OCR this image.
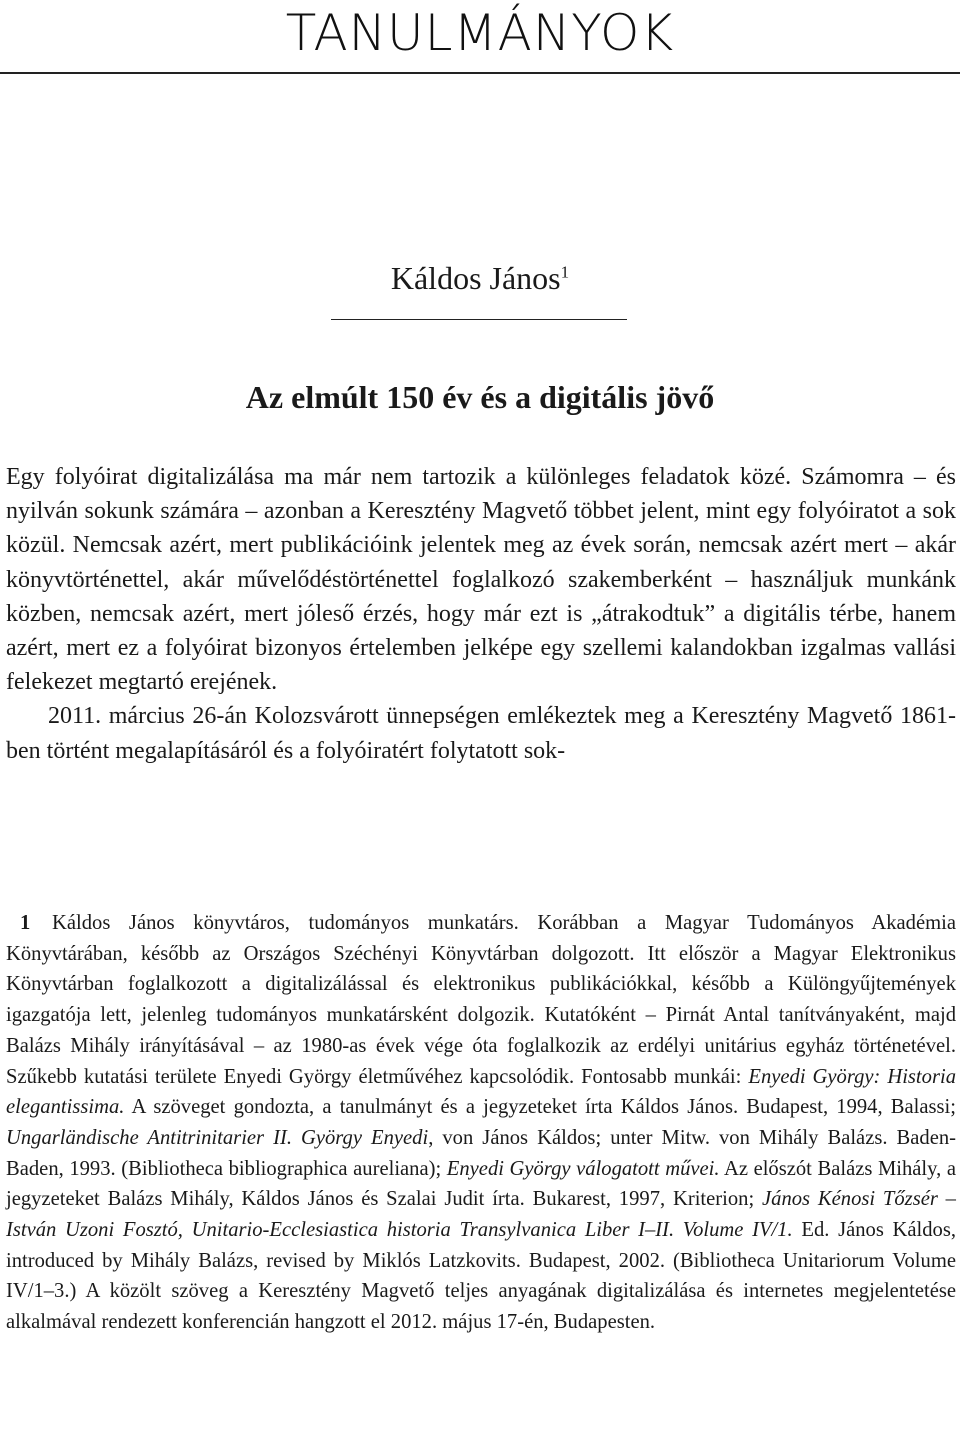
TANULMÁNYOK
Káldos János$^1$
Az elmúlt 150 év és a digitális jövő

Egy folyóirat digitalizálása ma már nem tartozik a különleges feladatok közé. Számomra – és nyilván sokunk számára – azonban a Keresztény Magvető többet jelent, mint egy folyóiratot a sok közül. Nemcsak azért, mert publikációink jelentek meg az évek során, nemcsak azért mert – akár könyvtörténettel, akár művelődéstörténettel foglalkozó szakemberként – használjuk munkánk közben, nemcsak azért, mert jóleső érzés, hogy már ezt is „átrakodtuk” a digitális térbe, hanem azért, mert ez a folyóirat bizonyos értelemben jelképe egy szellemi kalandokban izgalmas vallási felekezet megtartó erejének.

2011. március 26-án Kolozsvárott ünnepségen emlékeztek meg a Keresztény Magvető 1861-ben történt megalapításáról és a folyóiratért folytatott sok-

1 Káldos János könyvtáros, tudományos munkatárs. Korábban a Magyar Tudományos Akadémia Könyvtárában, később az Országos Széchényi Könyvtárban dolgozott. Itt először a Magyar Elektronikus Könyvtárban foglalkozott a digitalizálással és elektronikus publikációkkal, később a Különgyűjtemények igazgatója lett, jelenleg tudományos munkatársként dolgozik. Kutatóként – Pirnát Antal tanítványaként, majd Balázs Mihály irányításával – az 1980-as évek vége óta foglalkozik az erdélyi unitárius egyház történetével. Szűkebb kutatási területe Enyedi György életművéhez kapcsolódik. Fontosabb munkái: Enyedi György: Historia elegantissima. A szöveget gondozta, a tanulmányt és a jegyzeteket írta Káldos János. Budapest, 1994, Balassi; Ungarländische Antitrinitarier II. György Enyedi, von János Káldos; unter Mitw. von Mihály Balázs. Baden-Baden, 1993. (Bibliotheca bibliographica aureliana); Enyedi György válogatott művei. Az előszót Balázs Mihály, a jegyzeteket Balázs Mihály, Káldos János és Szalai Judit írta. Bukarest, 1997, Kriterion; János Kénosi Tőzsér – István Uzoni Fosztó, Unitario-Ecclesiastica historia Transylvanica Liber I–II. Volume IV/1. Ed. János Káldos, introduced by Mihály Balázs, revised by Miklós Latzkovits. Budapest, 2002. (Bibliotheca Unitariorum Volume IV/1–3.) A közölt szöveg a Keresztény Magvető teljes anyagának digitalizálása és internetes megjelentetése alkalmával rendezett konferencián hangzott el 2012. május 17-én, Budapesten.
